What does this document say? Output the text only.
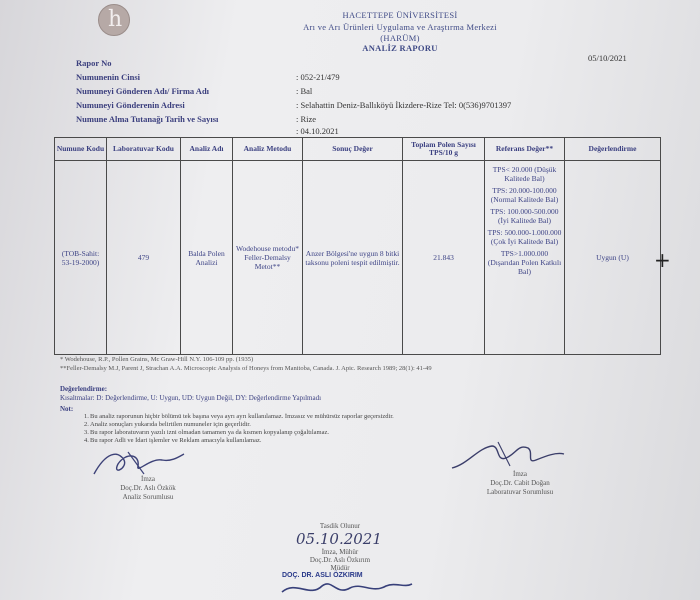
h	HACETTEPE ÜNİVERSİTESİ
Arı ve Arı Ürünleri Uygulama ve Araştırma Merkezi
(HARÜM)
ANALİZ RAPORU
05/10/2021
Rapor No
Numunenin Cinsi	: 052-21/479
Numuneyi Gönderen Adı/ Firma Adı	: Bal
Numuneyi Gönderenin Adresi	: Selahattin Deniz-Ballıköyü İkizdere-Rize Tel: 0(536)9701397
Numune Alma Tutanağı Tarih ve Sayısı	: Rize
: 04.10.2021
Numune Kodu	Laboratuvar Kodu	Analiz Adı	Analiz Metodu	Sonuç Değer	Toplam Polen Sayısı TPS/10 g	Referans Değer**	Değerlendirme
(TOB-Sahit: 53-19-2000)	479	Balda Polen Analizi	Wodehouse metodu* Feller-Demalsy Metot**	Anzer Bölgesi'ne uygun 8 bitki taksonu poleni tespit edilmiştir.	21.843	TPS< 20.000 (Düşük Kalitede Bal)
TPS: 20.000-100.000 (Normal Kalitede Bal)
TPS: 100.000-500.000 (İyi Kalitede Bal)
TPS: 500.000-1.000.000 (Çok İyi Kalitede Bal)
TPS>1.000.000 (Dışarıdan Polen Katkılı Bal)	Uygun (U) +
* Wodehouse, R.P., Pollen Grains, Mc Graw-Hill N.Y. 106-109 pp. (1935)
**Feller-Demalsy M.J, Parent J, Strachan A.A. Microscopic Analysis of Honeys from Manitoba, Canada. J. Apic. Research 1989; 28(1): 41-49
Değerlendirme:
Kısaltmalar: D: Değerlendirme, U: Uygun, UD: Uygun Değil, DY: Değerlendirme Yapılmadı
Not:
1. Bu analiz raporunun hiçbir bölümü tek başına veya ayrı ayrı kullanılamaz. İmzasız ve mühürsüz raporlar geçersizdir.
2. Analiz sonuçları yukarıda belirtilen numuneler için geçerlidir.
3. Bu rapor laboratuvarın yazılı izni olmadan tamamen ya da kısmen kopyalanıp çoğaltılamaz.
4. Bu rapor Adli ve İdari işlemler ve Reklam amacıyla kullanılamaz.
İmza
Doç.Dr. Aslı Özkök
Analiz Sorumlusu
İmza
Doç.Dr. Cabit Doğan
Laboratuvar Sorumlusu
Tasdik Olunur
05.10.2021
İmza, Mühür
Doç.Dr. Aslı Özkırım
Müdür
DOÇ. DR. ASLI ÖZKIRIM
